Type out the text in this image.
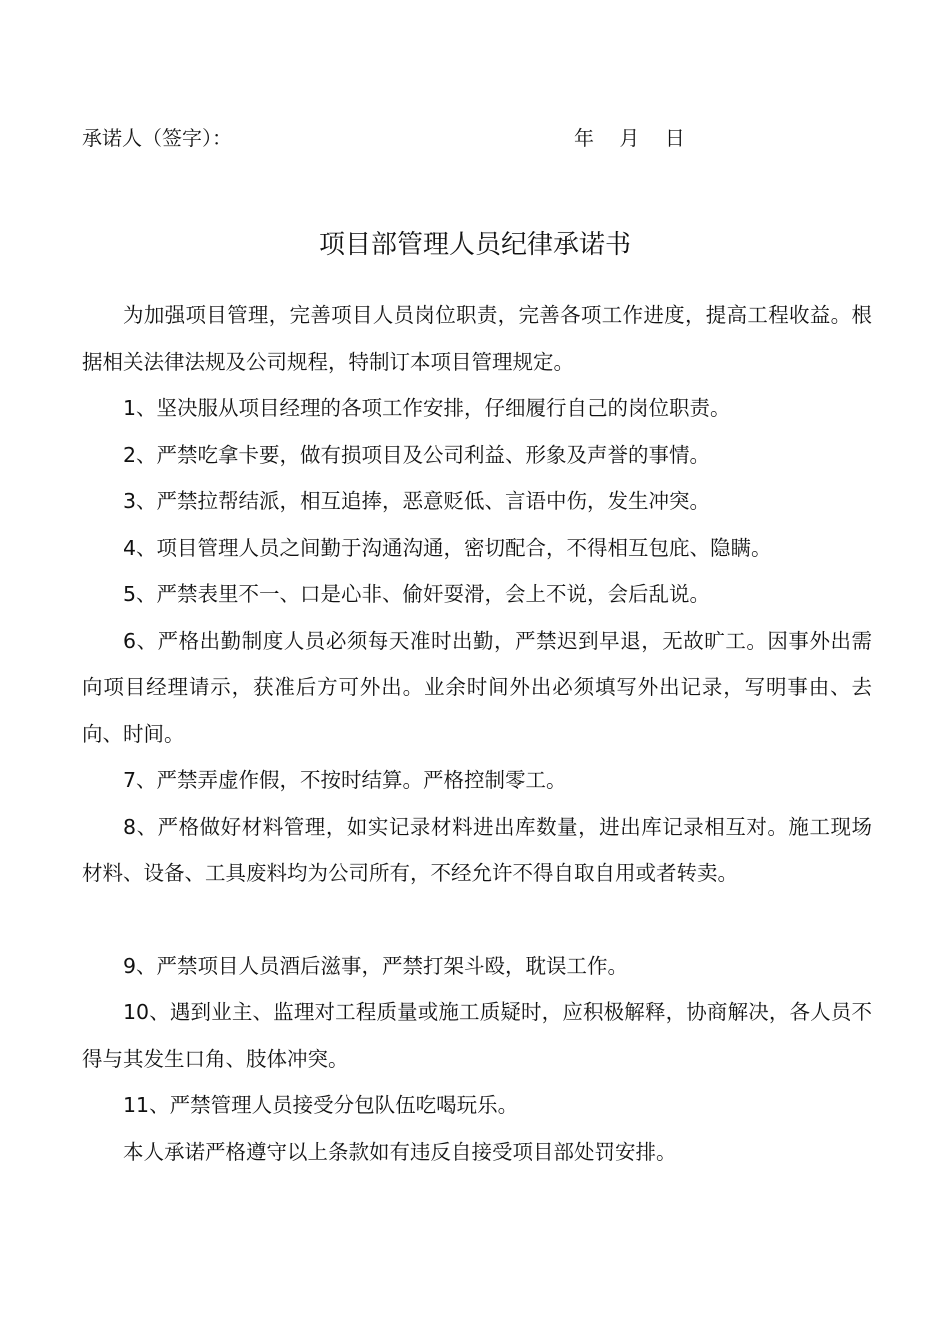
承诺人（签字）：	年    月    日
项目部管理人员纪律承诺书

为加强项目管理，完善项目人员岗位职责，完善各项工作进度，提高工程收益。根据相关法律法规及公司规程，特制订本项目管理规定。

1、坚决服从项目经理的各项工作安排，仔细履行自己的岗位职责。

2、严禁吃拿卡要，做有损项目及公司利益、形象及声誉的事情。

3、严禁拉帮结派，相互追捧，恶意贬低、言语中伤，发生冲突。

4、项目管理人员之间勤于沟通沟通，密切配合，不得相互包庇、隐瞒。

5、严禁表里不一、口是心非、偷奸耍滑，会上不说，会后乱说。

6、严格出勤制度人员必须每天准时出勤，严禁迟到早退，无故旷工。因事外出需向项目经理请示，获准后方可外出。业余时间外出必须填写外出记录，写明事由、去向、时间。

7、严禁弄虚作假，不按时结算。严格控制零工。

8、严格做好材料管理，如实记录材料进出库数量，进出库记录相互对。施工现场材料、设备、工具废料均为公司所有，不经允许不得自取自用或者转卖。

9、严禁项目人员酒后滋事，严禁打架斗殴，耽误工作。

10、遇到业主、监理对工程质量或施工质疑时，应积极解释，协商解决，各人员不得与其发生口角、肢体冲突。

11、严禁管理人员接受分包队伍吃喝玩乐。

本人承诺严格遵守以上条款如有违反自接受项目部处罚安排。
